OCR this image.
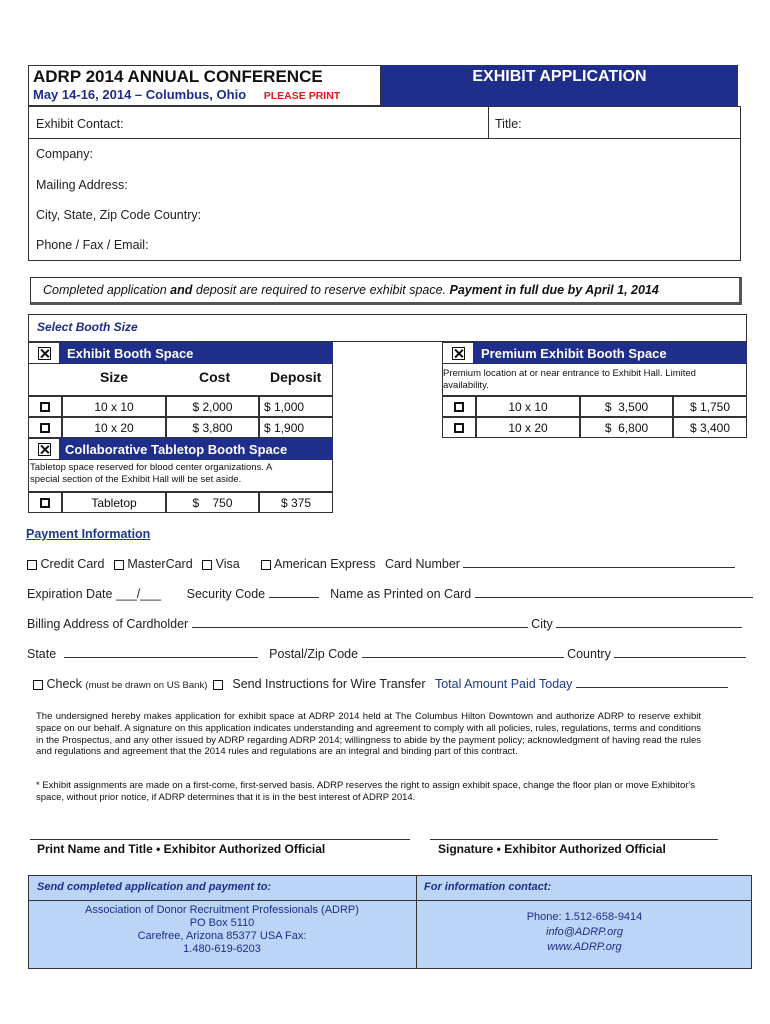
ADRP 2014 ANNUAL CONFERENCE
May 14-16, 2014 – Columbus, Ohio PLEASE PRINT
EXHIBIT APPLICATION
Exhibit Contact:	Title:
Company:
Mailing Address:
City, State, Zip Code Country:
Phone / Fax / Email:
Completed application and deposit are required to reserve exhibit space. Payment in full due by April 1, 2014
Select Booth Size
Exhibit Booth Space
Size	Cost	Deposit
10 x 10	$ 2,000	$ 1,000
10 x 20	$ 3,800	$ 1,900
Collaborative Tabletop Booth Space
Tabletop space reserved for blood center organizations. A special section of the Exhibit Hall will be set aside.
Tabletop	$    750	$ 375
Premium Exhibit Booth Space
Premium location at or near entrance to Exhibit Hall. Limited availability.
10 x 10	$  3,500	$ 1,750
10 x 20	$  6,800	$ 3,400
Payment Information
Credit Card MasterCard Visa	American Express Card Number
Expiration Date ___/___ Security Code	Name as Printed on Card
Billing Address of Cardholder	City
State	Postal/Zip Code	Country
Check (must be drawn on US Bank) Send Instructions for Wire Transfer Total Amount Paid Today
The undersigned hereby makes application for exhibit space at ADRP 2014 held at The Columbus Hilton Downtown and authorize ADRP to reserve exhibit space on our behalf. A signature on this application indicates understanding and agreement to comply with all policies, rules, regulations, terms and conditions in the Prospectus, and any other issued by ADRP regarding ADRP 2014; willingness to abide by the payment policy; acknowledgment of having read the rules and regulations and agreement that the 2014 rules and regulations are an integral and binding part of this contract.
* Exhibit assignments are made on a first-come, first-served basis. ADRP reserves the right to assign exhibit space, change the floor plan or move Exhibitor's space, without prior notice, if ADRP determines that it is in the best interest of ADRP 2014.
Print Name and Title • Exhibitor Authorized Official	Signature • Exhibitor Authorized Official
Send completed application and payment to:	For information contact:
Association of Donor Recruitment Professionals (ADRP)
PO Box 5110
Carefree, Arizona 85377 USA Fax:
1.480-619-6203
Phone: 1.512-658-9414
info@ADRP.org
www.ADRP.org
